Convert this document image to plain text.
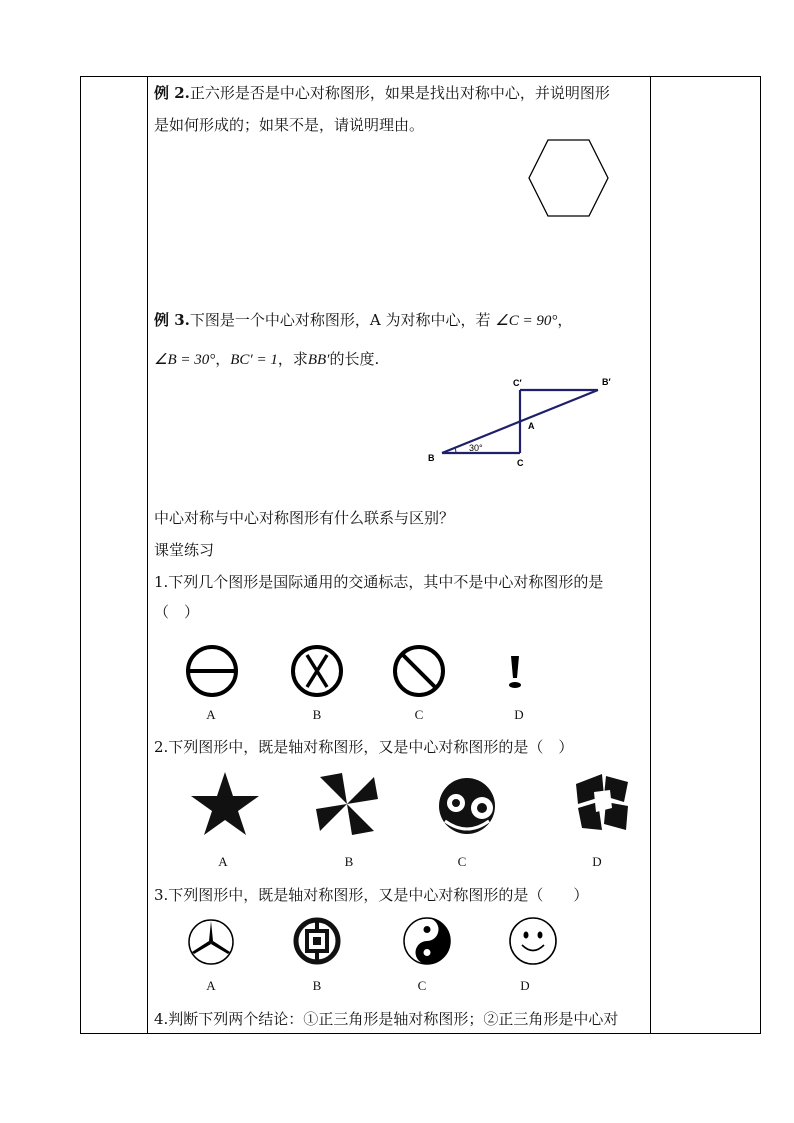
例 2.正六形是否是中心对称图形，如果是找出对称中心，并说明图形
是如何形成的；如果不是，请说明理由。
例 3.下图是一个中心对称图形，A 为对称中心，若 ∠C = 90°，
∠B = 30°，BC′ = 1，求BB′的长度.
B	C
A
C′	B′
30°
中心对称与中心对称图形有什么联系与区别？
课堂练习
1.下列几个图形是国际通用的交通标志，其中不是中心对称图形的是
（　）
A	B	C	D
2.下列图形中，既是轴对称图形，又是中心对称图形的是（　）
A	B	C	D
3.下列图形中，既是轴对称图形，又是中心对称图形的是（　　）
A	B	C	D
4.判断下列两个结论：①正三角形是轴对称图形；②正三角形是中心对
